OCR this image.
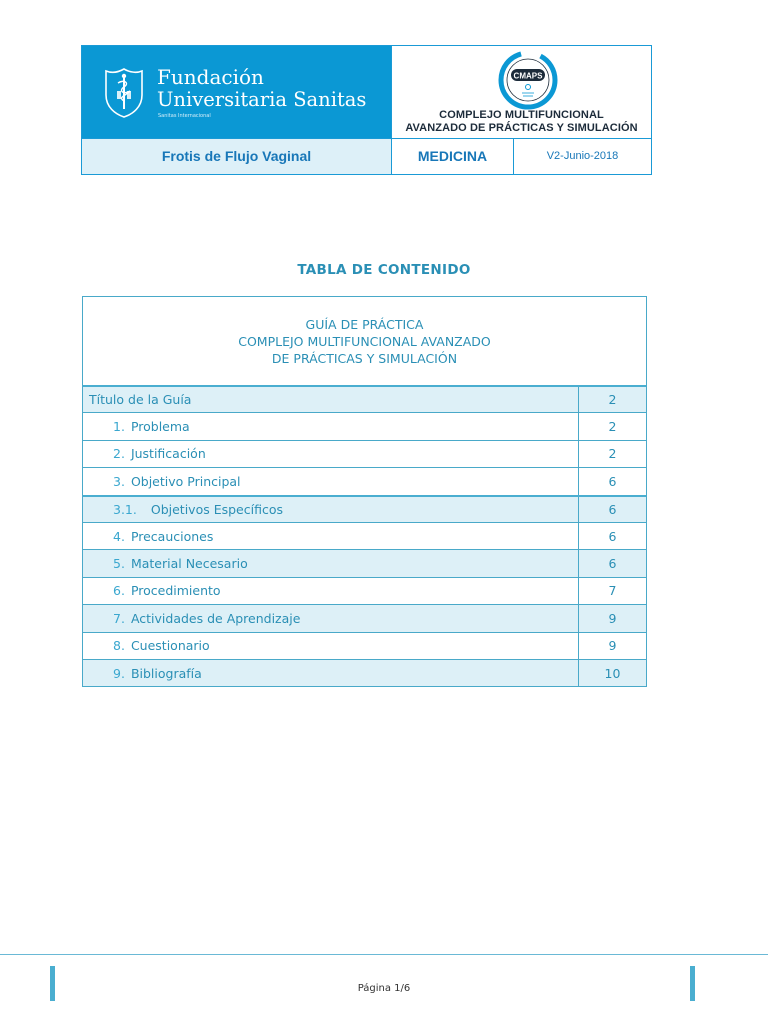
Fundación
Universitaria Sanitas
Sanitas Internacional
CMAPS
COMPLEJO MULTIFUNCIONAL
AVANZADO DE PRÁCTICAS Y SIMULACIÓN
Frotis de Flujo Vaginal	MEDICINA	V2-Junio-2018
TABLA DE CONTENIDO
GUÍA DE PRÁCTICA
COMPLEJO MULTIFUNCIONAL AVANZADO
DE PRÁCTICAS Y SIMULACIÓN
Título de la Guía	2
1. Problema	2
2. Justificación	2
3. Objetivo Principal	6
3.1. Objetivos Específicos	6
4. Precauciones	6
5. Material Necesario	6
6. Procedimiento	7
7. Actividades de Aprendizaje	9
8. Cuestionario	9
9. Bibliografía	10
Página 1/6
